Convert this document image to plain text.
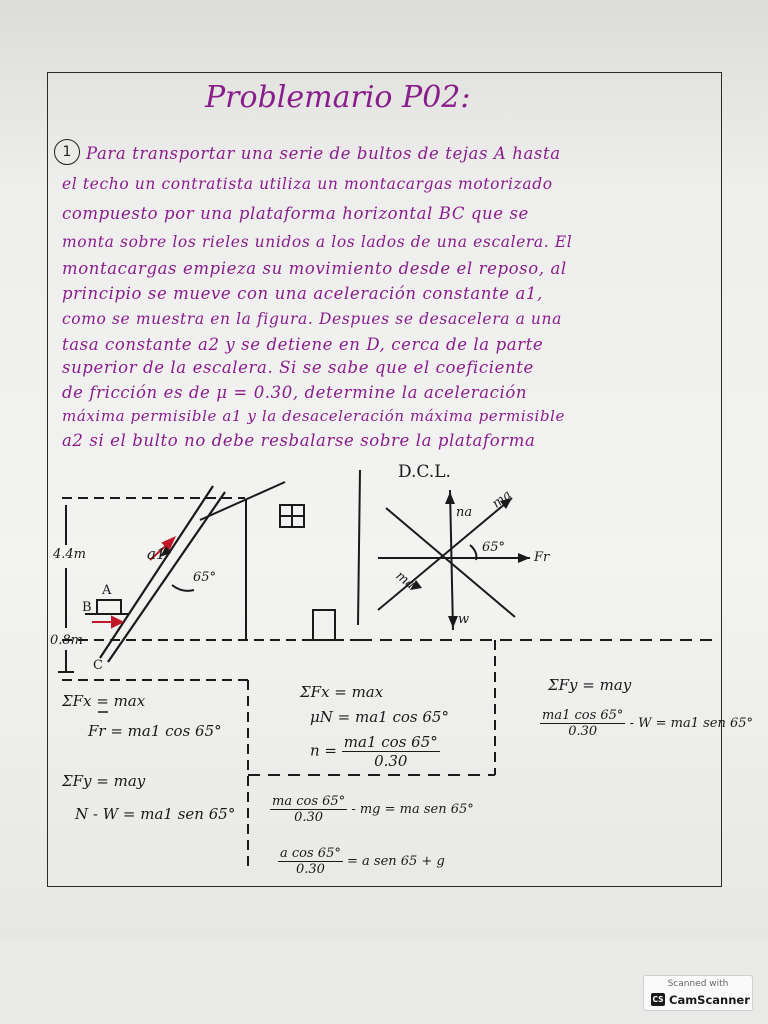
Problemario P02:
1 Para transportar una serie de bultos de tejas A hasta
el techo un contratista utiliza un montacargas motorizado
compuesto por una plataforma horizontal BC que se
monta sobre los rieles unidos a los lados de una escalera. El
montacargas empieza su movimiento desde el reposo, al
principio se mueve con una aceleración constante a1,
como se muestra en la figura. Despues se desacelera a una
tasa constante a2 y se detiene en D, cerca de la parte
superior de la escalera. Si se sabe que el coeficiente
de fricción es de μ = 0.30, determine la aceleración
máxima permisible a1 y la desaceleración máxima permisible
a2 si el bulto no debe resbalarse sobre la plataforma
4.4m
0.8m
a1
65°
A
B
C
D.C.L.
na
ma
ma
65°
Fr
w
ΣFx = max
Fr = ma1 cos 65°
ΣFy = may
N - W = ma1 sen 65°
ΣFx = max
μN = ma1 cos 65°
$n = \frac{ma1 \cos 65^\circ}{0.30}$
ΣFy = may
$\frac{ma1 \cos 65^\circ}{0.30} - W = ma1$ sen 65°
$\frac{\text{ma cos 65°}}{0.30}$ - mg = ma sen 65°
$\frac{\text{a cos 65°}}{0.30} = a$ sen 65 + g
Scanned with
CS CamScanner
